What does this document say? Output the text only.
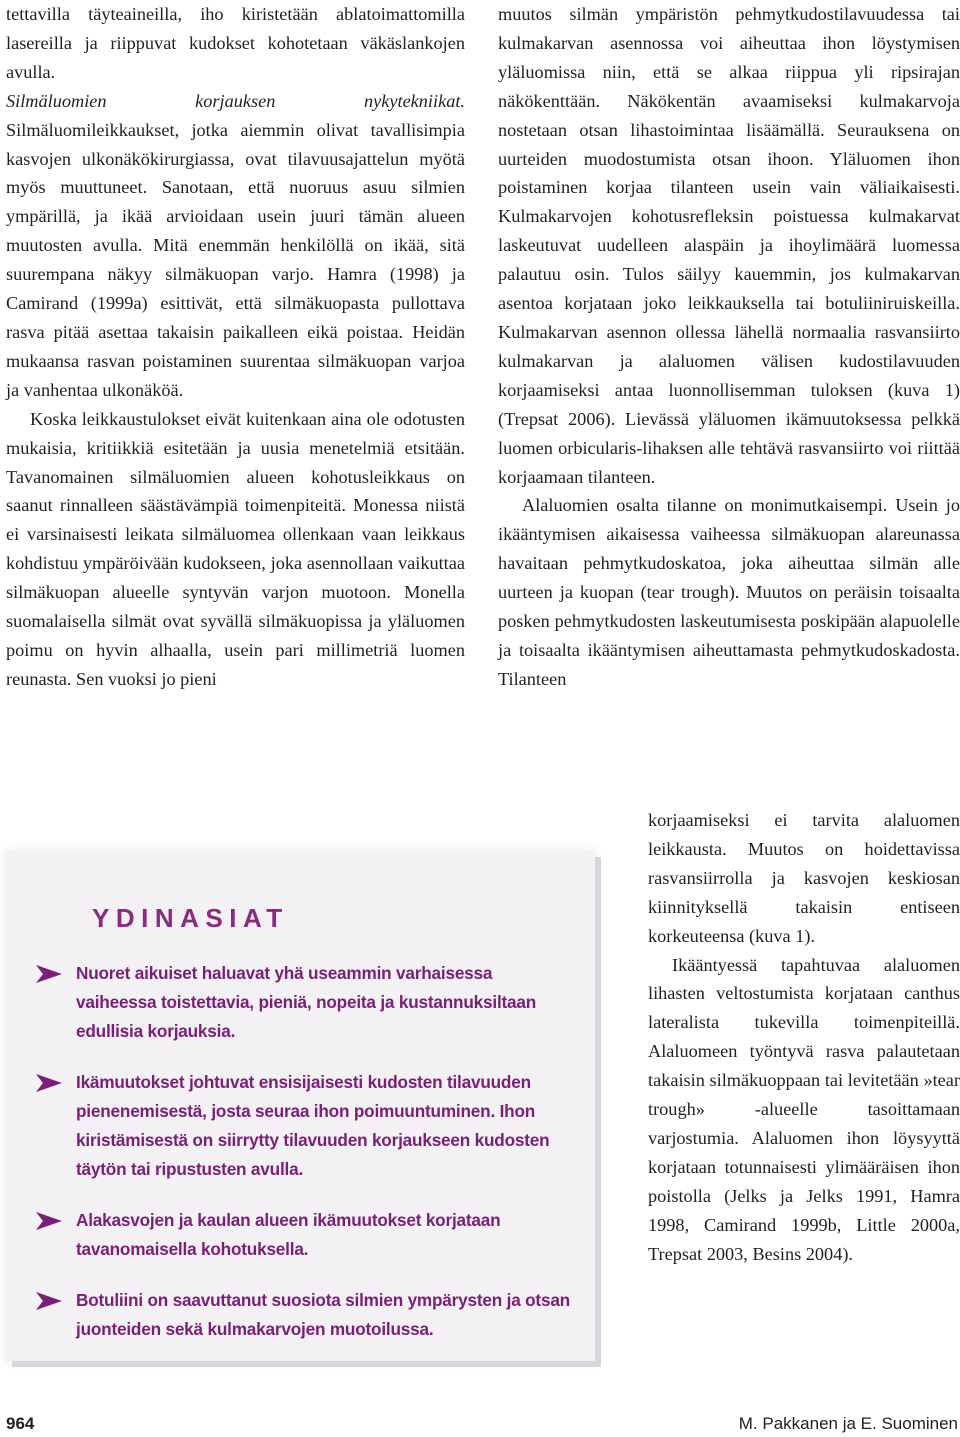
tettavilla täyteaineilla, iho kiristetään ablatoimattomilla lasereilla ja riippuvat kudokset kohotetaan väkäslankojen avulla.

Silmäluomien korjauksen nykytekniikat. Silmäluomileikkaukset, jotka aiemmin olivat tavallisimpia kasvojen ulkonäkökirurgiassa, ovat tilavuusajattelun myötä myös muuttuneet. Sanotaan, että nuoruus asuu silmien ympärillä, ja ikää arvioidaan usein juuri tämän alueen muutosten avulla. Mitä enemmän henkilöllä on ikää, sitä suurempana näkyy silmäkuopan varjo. Hamra (1998) ja Camirand (1999a) esittivät, että silmäkuopasta pullottava rasva pitää asettaa takaisin paikalleen eikä poistaa. Heidän mukaansa rasvan poistaminen suurentaa silmäkuopan varjoa ja vanhentaa ulkonäköä.

Koska leikkaustulokset eivät kuitenkaan aina ole odotusten mukaisia, kritiikkiä esitetään ja uusia menetelmiä etsitään. Tavanomainen silmäluomien alueen kohotusleikkaus on saanut rinnalleen säästävämpiä toimenpiteitä. Monessa niistä ei varsinaisesti leikata silmäluomea ollenkaan vaan leikkaus kohdistuu ympäröivään kudokseen, joka asennollaan vaikuttaa silmäkuopan alueelle syntyvän varjon muotoon. Monella suomalaisella silmät ovat syvällä silmäkuopissa ja yläluomen poimu on hyvin alhaalla, usein pari millimetriä luomen reunasta. Sen vuoksi jo pieni

muutos silmän ympäristön pehmytkudostilavuudessa tai kulmakarvan asennossa voi aiheuttaa ihon löystymisen yläluomissa niin, että se alkaa riippua yli ripsirajan näkökenttään. Näkökentän avaamiseksi kulmakarvoja nostetaan otsan lihastoimintaa lisäämällä. Seurauksena on uurteiden muodostumista otsan ihoon. Yläluomen ihon poistaminen korjaa tilanteen usein vain väliaikaisesti. Kulmakarvojen kohotusrefleksin poistuessa kulmakarvat laskeutuvat uudelleen alaspäin ja ihoylimäärä luomessa palautuu osin. Tulos säilyy kauemmin, jos kulmakarvan asentoa korjataan joko leikkauksella tai botuliiniruiskeilla. Kulmakarvan asennon ollessa lähellä normaalia rasvansiirto kulmakarvan ja alaluomen välisen kudostilavuuden korjaamiseksi antaa luonnollisemman tuloksen (kuva 1)(Trepsat 2006). Lievässä yläluomen ikämuutoksessa pelkkä luomen orbicularis-lihaksen alle tehtävä rasvansiirto voi riittää korjaamaan tilanteen.

Alaluomien osalta tilanne on monimutkaisempi. Usein jo ikääntymisen aikaisessa vaiheessa silmäkuopan alareunassa havaitaan pehmytkudoskatoa, joka aiheuttaa silmän alle uurteen ja kuopan (tear trough). Muutos on peräisin toisaalta posken pehmytkudosten laskeutumisesta poskipään alapuolelle ja toisaalta ikääntymisen aiheuttamasta pehmytkudoskadosta. Tilanteen

korjaamiseksi ei tarvita alaluomen leikkausta. Muutos on hoidettavissa rasvansiirrolla ja kasvojen keskiosan kiinnityksellä takaisin entiseen korkeuteensa (kuva 1).

Ikääntyessä tapahtuvaa alaluomen lihasten veltostumista korjataan canthus lateralista tukevilla toimenpiteillä. Alaluomeen työntyvä rasva palautetaan takaisin silmäkuoppaan tai levitetään »tear trough» -alueelle tasoittamaan varjostumia. Alaluomen ihon löysyyttä korjataan totunnaisesti ylimääräisen ihon poistolla (Jelks ja Jelks 1991, Hamra 1998, Camirand 1999b, Little 2000a, Trepsat 2003, Besins 2004).

YDINASIAT
Nuoret aikuiset haluavat yhä useammin varhaisessa vaiheessa toistettavia, pieniä, nopeita ja kustannuksiltaan edullisia korjauksia.
Ikämuutokset johtuvat ensisijaisesti kudosten tilavuuden pienenemisestä, josta seuraa ihon poimuuntuminen. Ihon kiristämisestä on siirrytty tilavuuden korjaukseen kudosten täytön tai ripustusten avulla.
Alakasvojen ja kaulan alueen ikämuutokset korjataan tavanomaisella kohotuksella.
Botuliini on saavuttanut suosiota silmien ympärysten ja otsan juonteiden sekä kulmakarvojen muotoilussa.
964	M. Pakkanen ja E. Suominen
